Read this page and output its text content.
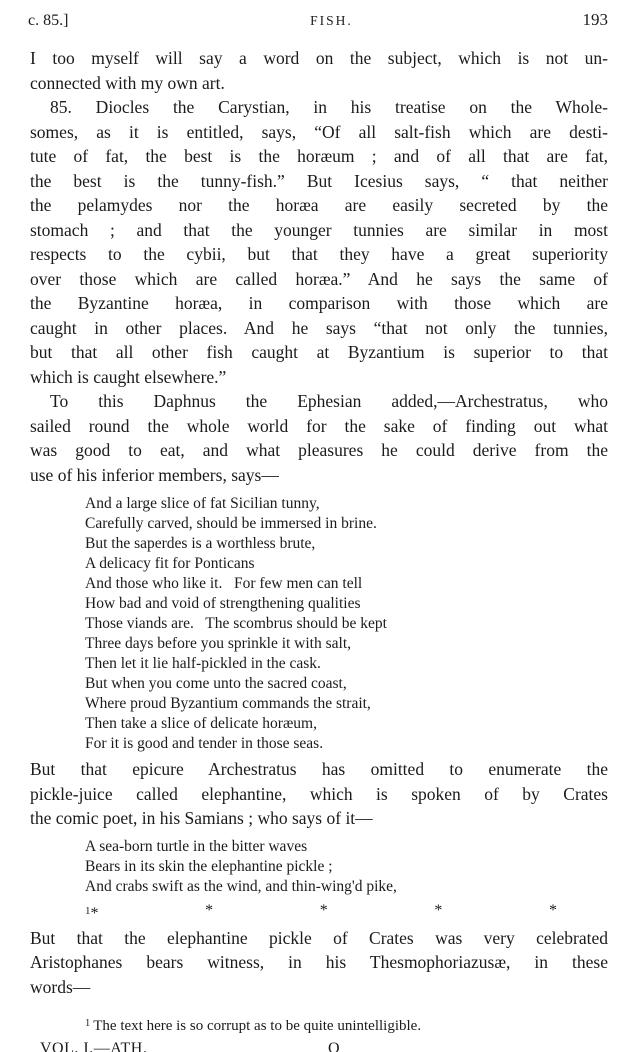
c. 85.]	FISH.	193
I too myself will say a word on the subject, which is not un-
connected with my own art.
85. Diocles the Carystian, in his treatise on the Whole-
somes, as it is entitled, says, “Of all salt-fish which are desti-
tute of fat, the best is the horæum ; and of all that are fat,
the best is the tunny-fish.” But Icesius says, “ that neither
the pelamydes nor the horæa are easily secreted by the
stomach ; and that the younger tunnies are similar in most
respects to the cybii, but that they have a great superiority
over those which are called horæa.” And he says the same of
the Byzantine horæa, in comparison with those which are
caught in other places. And he says “that not only the tunnies,
but that all other fish caught at Byzantium is superior to that
which is caught elsewhere.”
To this Daphnus the Ephesian added,—Archestratus, who
sailed round the whole world for the sake of finding out what
was good to eat, and what pleasures he could derive from the
use of his inferior members, says—
And a large slice of fat Sicilian tunny,
Carefully carved, should be immersed in brine.
But the saperdes is a worthless brute,
A delicacy fit for Ponticans
And those who like it.   For few men can tell
How bad and void of strengthening qualities
Those viands are.   The scombrus should be kept
Three days before you sprinkle it with salt,
Then let it lie half-pickled in the cask.
But when you come unto the sacred coast,
Where proud Byzantium commands the strait,
Then take a slice of delicate horæum,
For it is good and tender in those seas.
But that epicure Archestratus has omitted to enumerate the
pickle-juice called elephantine, which is spoken of by Crates
the comic poet, in his Samians ; who says of it—
A sea-born turtle in the bitter waves
Bears in its skin the elephantine pickle ;
And crabs swift as the wind, and thin-wing'd pike,
$^1$*	*	*	*	*
But that the elephantine pickle of Crates was very celebrated
Aristophanes bears witness, in his Thesmophoriazusæ, in these
words—
$^1$ The text here is so corrupt as to be quite unintelligible.
VOL. I.—ATH.	O
